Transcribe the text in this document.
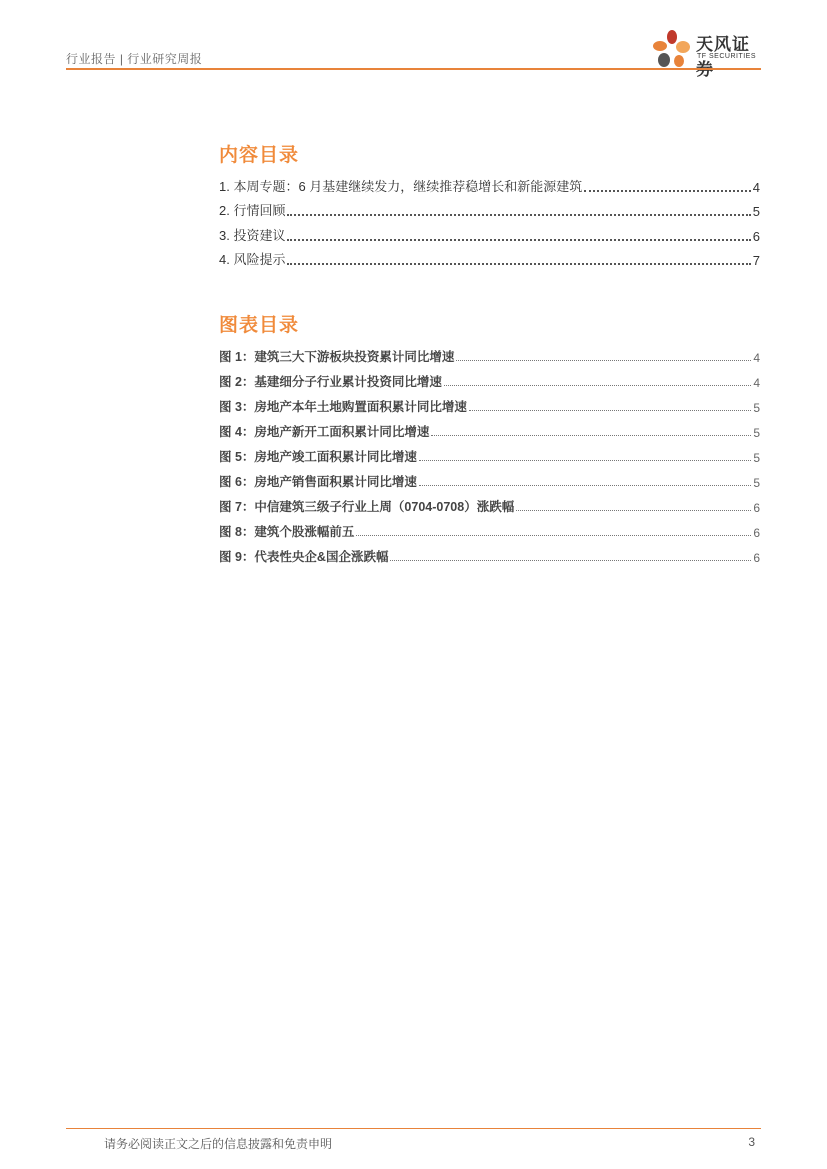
行业报告 | 行业研究周报
天风证
TF SECURITIES
内容目录
1. 本周专题：6 月基建继续发力，继续推荐稳增长和新能源建筑	4
2. 行情回顾	5
3. 投资建议	6
4. 风险提示	7
图表目录
图 1：建筑三大下游板块投资累计同比增速	4
图 2：基建细分子行业累计投资同比增速	4
图 3：房地产本年土地购置面积累计同比增速	5
图 4：房地产新开工面积累计同比增速	5
图 5：房地产竣工面积累计同比增速	5
图 6：房地产销售面积累计同比增速	5
图 7：中信建筑三级子行业上周（0704-0708）涨跌幅	6
图 8：建筑个股涨幅前五	6
图 9：代表性央企&国企涨跌幅	6
请务必阅读正文之后的信息披露和免责申明	3
